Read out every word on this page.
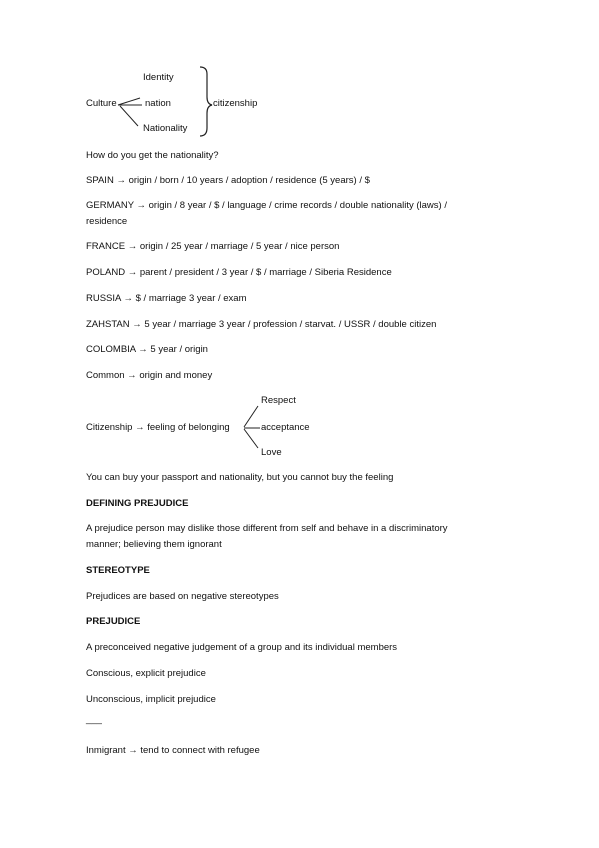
Identity
Culture	nation
Nationality
citizenship
How do you get the nationality?
SPAIN → origin / born / 10 years / adoption / residence (5 years) / $
GERMANY → origin / 8 year / $ / language / crime records / double nationality (laws) /
residence
FRANCE → origin / 25 year / marriage / 5 year / nice person
POLAND → parent / president / 3 year / $ / marriage / Siberia Residence
RUSSIA → $ / marriage 3 year / exam
ZAHSTAN → 5 year / marriage 3 year / profession / starvat. / USSR / double citizen
COLOMBIA → 5 year / origin
Common → origin and money
Respect
Citizenship → feeling of belonging	acceptance
Love
You can buy your passport and nationality, but you cannot buy the feeling
DEFINING PREJUDICE
A prejudice person may dislike those different from self and behave in a discriminatory
manner; believing them ignorant
STEREOTYPE
Prejudices are based on negative stereotypes
PREJUDICE
A preconceived negative judgement of a group and its individual members
Conscious, explicit prejudice
Unconscious, implicit prejudice
___
Inmigrant → tend to connect with refugee
